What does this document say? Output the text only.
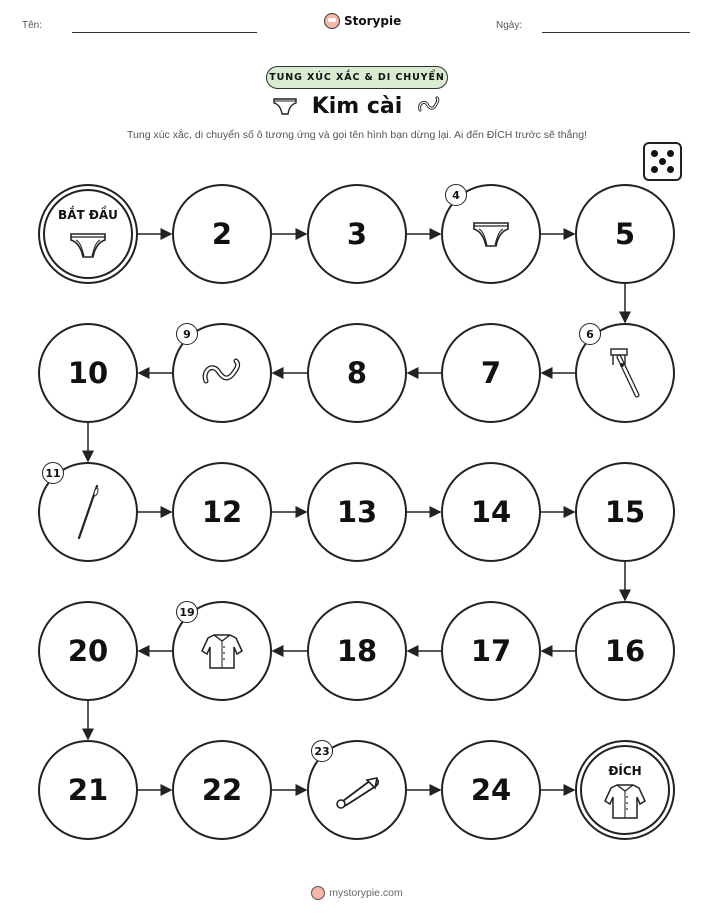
Tên:	Storypie	Ngày:
TUNG XÚC XẮC & DI CHUYỂN
Kim cài
Tung xúc xắc, di chuyển số ô tương ứng và gọi tên hình bạn dừng lại. Ai đến ĐÍCH trước sẽ thắng!
BẮT ĐẦU
2	3
4
5
6
7
8
9
10
11
12	13	14	15
16
17
18
19
20
21	22
23
24
ĐÍCH
mystorypie.com
